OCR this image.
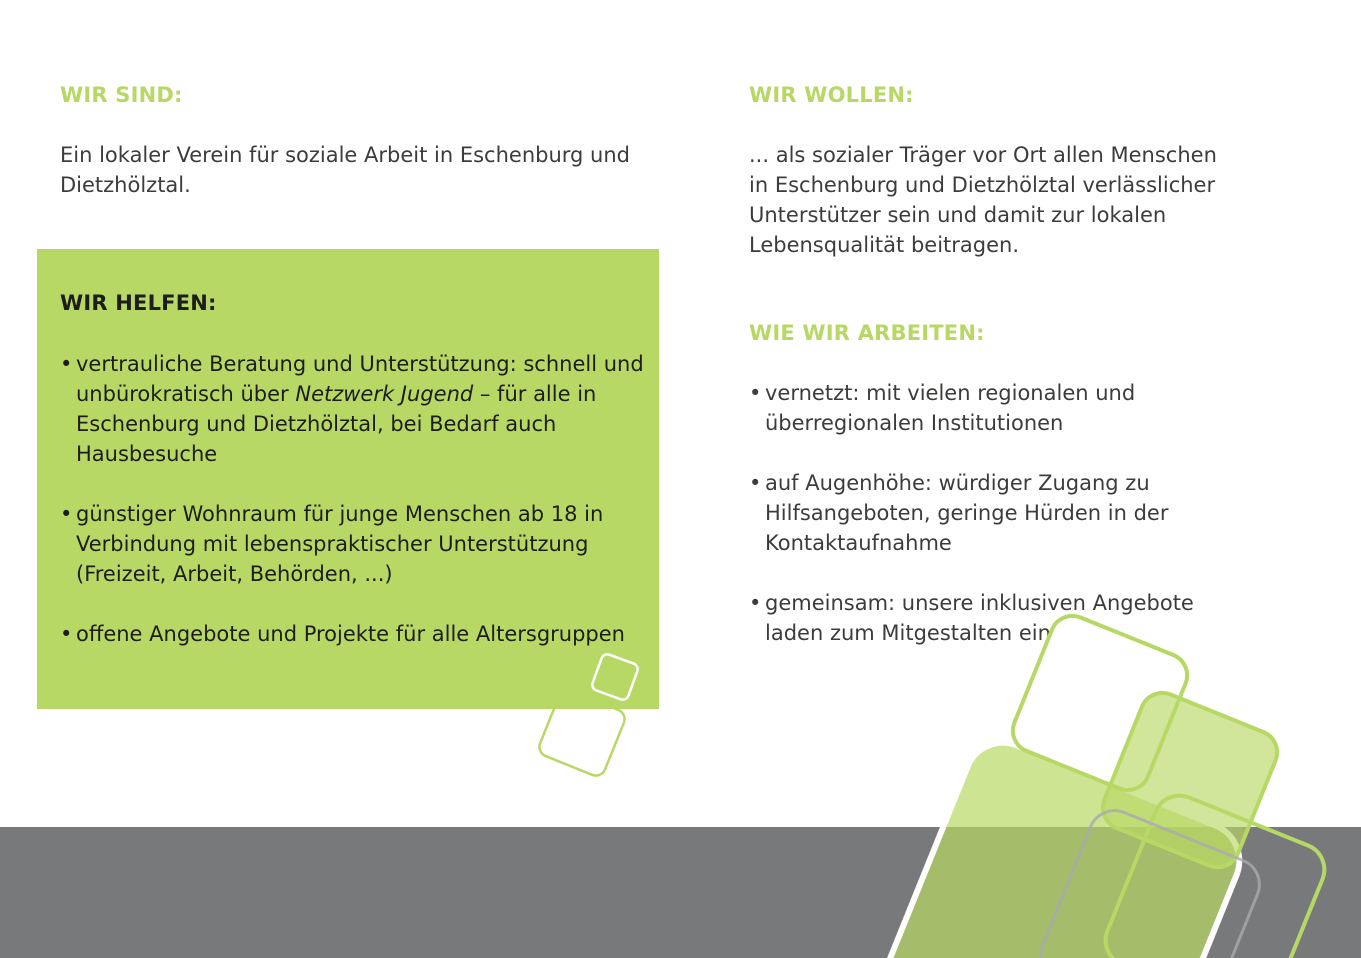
WIR SIND:

Ein lokaler Verein für soziale Arbeit in Eschenburg und Dietzhölztal.

WIR HELFEN:
• vertrauliche Beratung und Unterstützung: schnell und unbürokratisch über Netzwerk Jugend – für alle in Eschenburg und Dietzhölztal, bei Bedarf auch Hausbesuche
• günstiger Wohnraum für junge Menschen ab 18 in Verbindung mit lebenspraktischer Unterstützung (Freizeit, Arbeit, Behörden, ...)
• offene Angebote und Projekte für alle Altersgruppen
WIR WOLLEN:

... als sozialer Träger vor Ort allen Menschen in Eschenburg und Dietzhölztal verlässlicher Unterstützer sein und damit zur lokalen Lebensqualität beitragen.

WIE WIR ARBEITEN:
• vernetzt: mit vielen regionalen und überregionalen Institutionen
• auf Augenhöhe: würdiger Zugang zu Hilfsangeboten, geringe Hürden in der Kontaktaufnahme
• gemeinsam: unsere inklusiven Angebote laden zum Mitgestalten ein
